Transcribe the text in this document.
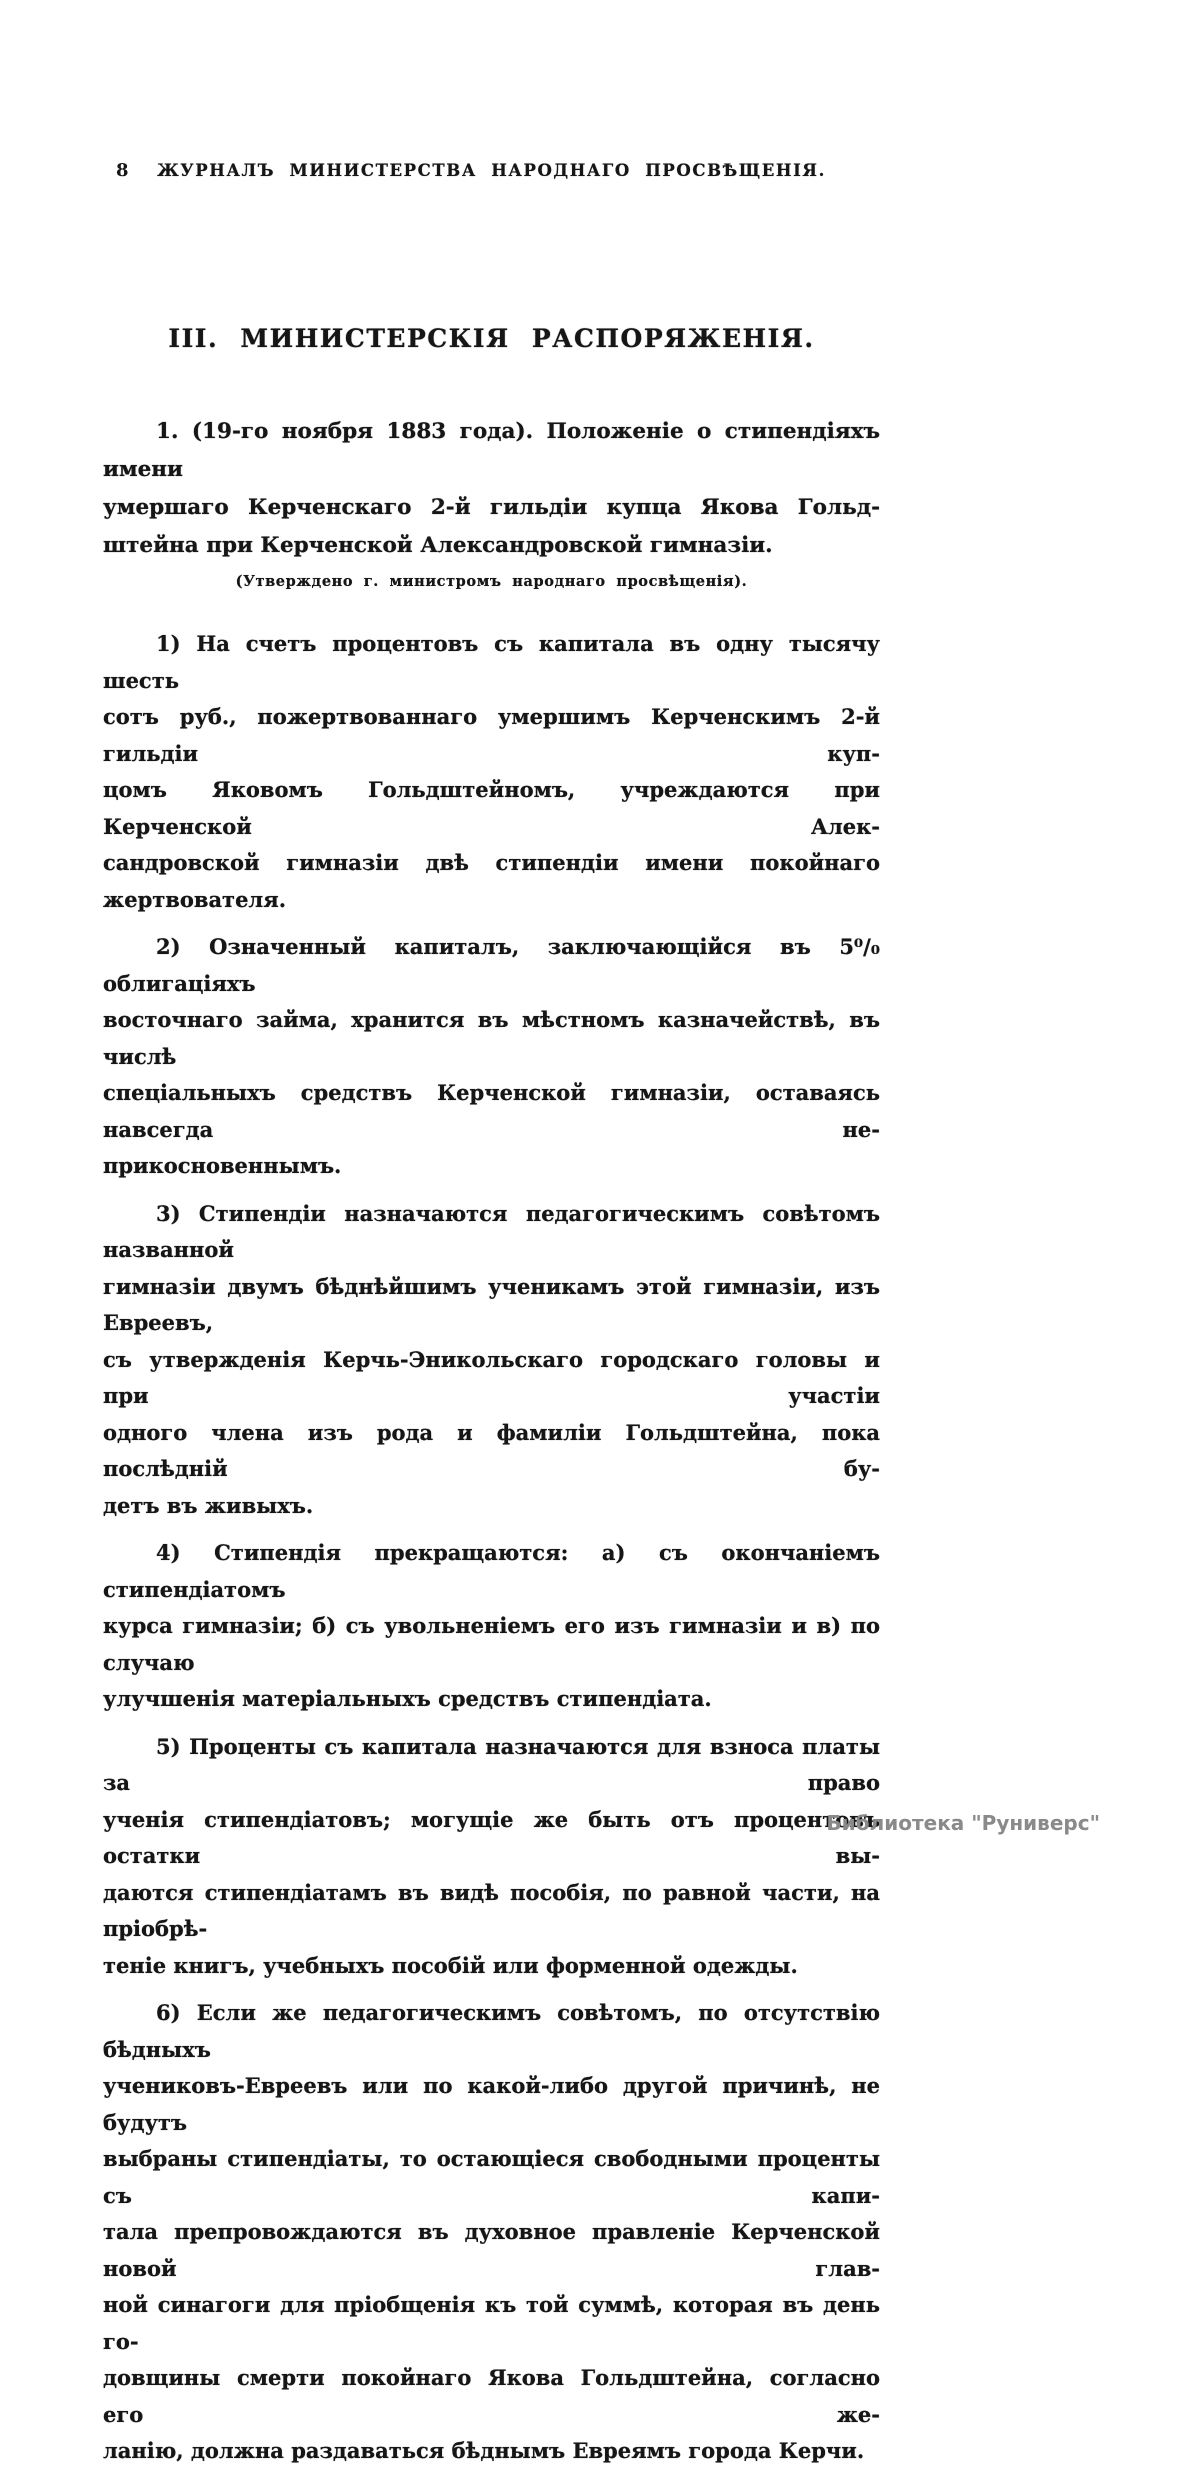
8	ЖУРНАЛЪ МИНИСТЕРСТВА НАРОДНАГО ПРОСВѢЩЕНІЯ.
III. МИНИСТЕРСКІЯ РАСПОРЯЖЕНІЯ.
1. (19-го ноября 1883 года). Положеніе о стипендіяхъ имени
умершаго Керченскаго 2-й гильдіи купца Якова Гольд-
штейна при Керченской Александровской гимназіи.
(Утверждено г. министромъ народнаго просвѣщенія).
1) На счетъ процентовъ съ капитала въ одну тысячу шесть
сотъ руб., пожертвованнаго умершимъ Керченскимъ 2-й гильдіи куп-
цомъ Яковомъ Гольдштейномъ, учреждаются при Керченской Алек-
сандровской гимназіи двѣ стипендіи имени покойнаго жертвователя.
2) Означенный капиталъ, заключающійся въ 5⁰/₀ облигаціяхъ
восточнаго займа, хранится въ мѣстномъ казначействѣ, въ числѣ
спеціальныхъ средствъ Керченской гимназіи, оставаясь навсегда не-
прикосновеннымъ.
3) Стипендіи назначаются педагогическимъ совѣтомъ названной
гимназіи двумъ бѣднѣйшимъ ученикамъ этой гимназіи, изъ Евреевъ,
съ утвержденія Керчь-Эникольскаго городскаго головы и при участіи
одного члена изъ рода и фамиліи Гольдштейна, пока послѣдній бу-
детъ въ живыхъ.
4) Стипендія прекращаются: а) съ окончаніемъ стипендіатомъ
курса гимназіи; б) съ увольненіемъ его изъ гимназіи и в) по случаю
улучшенія матеріальныхъ средствъ стипендіата.
5) Проценты съ капитала назначаются для взноса платы за право
ученія стипендіатовъ; могущіе же быть отъ процентовъ остатки вы-
даются стипендіатамъ въ видѣ пособія, по равной части, на пріобрѣ-
теніе книгъ, учебныхъ пособій или форменной одежды.
6) Если же педагогическимъ совѣтомъ, по отсутствію бѣдныхъ
учениковъ-Евреевъ или по какой-либо другой причинѣ, не будутъ
выбраны стипендіаты, то остающіеся свободными проценты съ капи-
тала препровождаются въ духовное правленіе Керченской новой глав-
ной синагоги для пріобщенія къ той суммѣ, которая въ день го-
довщины смерти покойнаго Якова Гольдштейна, согласно его же-
ланію, должна раздаваться бѣднымъ Евреямъ города Керчи.
Библиотека "Руниверс"
